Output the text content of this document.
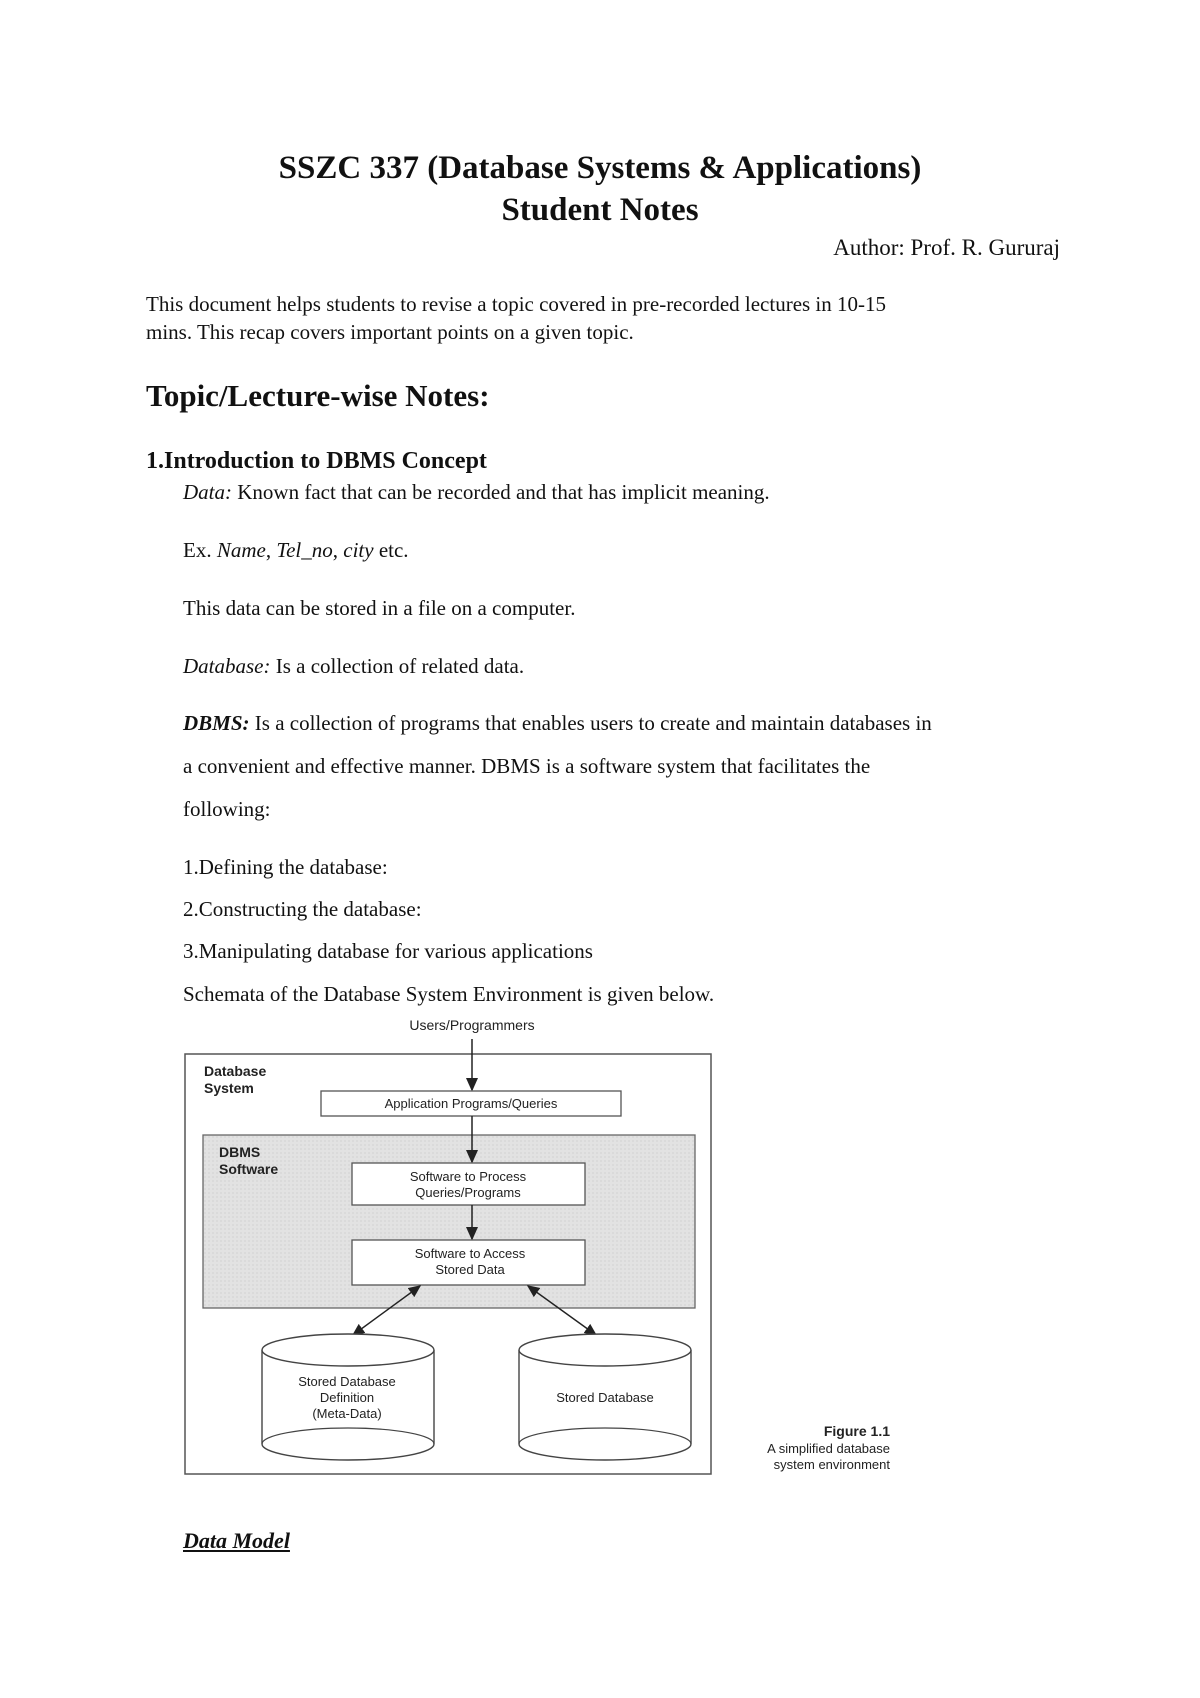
SSZC 337 (Database Systems & Applications)
Student Notes
Author: Prof. R. Gururaj
This document helps students to revise a topic covered in pre-recorded lectures in 10-15
mins. This recap covers important points on a given topic.
Topic/Lecture-wise Notes:
1.Introduction to DBMS Concept
Data: Known fact that can be recorded and that has implicit meaning.
Ex. Name, Tel_no, city etc.
This data can be stored in a file on a computer.
Database: Is a collection of related data.
DBMS: Is a collection of programs that enables users to create and maintain databases in
a convenient and effective manner. DBMS is a software system that facilitates the
following:
1.Defining the database:
2.Constructing the database:
3.Manipulating database for various applications
Schemata of the Database System Environment is given below.
Users/Programmers
Database
System
Application Programs/Queries
DBMS
Software	Software to Process
Queries/Programs
Software to Access
Stored Data
Stored Database
Definition
(Meta-Data)
Stored Database
Figure 1.1
A simplified database
system environment
Data Model
